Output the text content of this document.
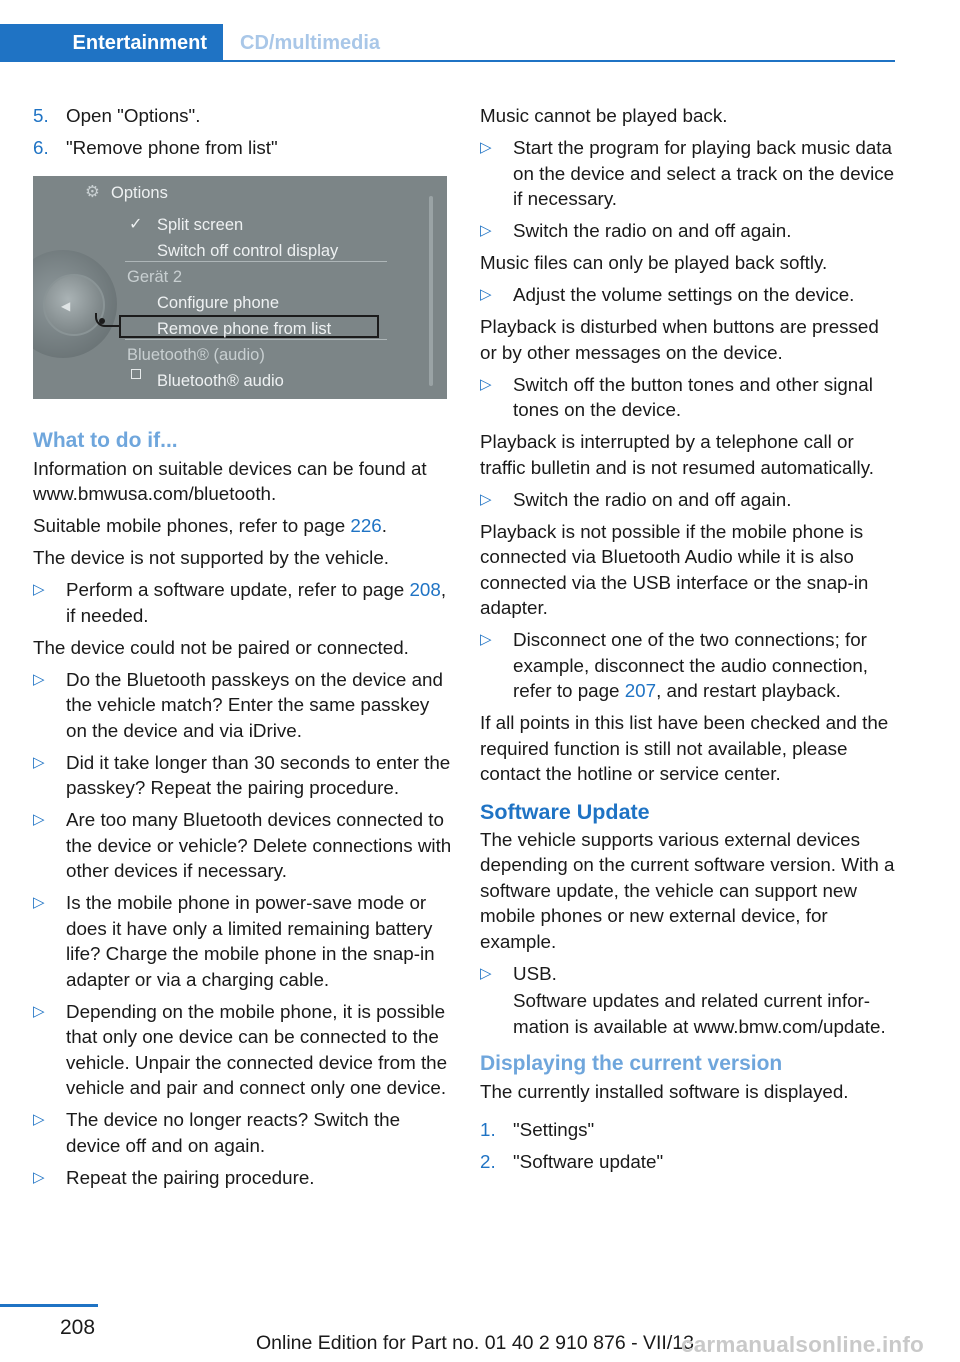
Entertainment	CD/multimedia
5. Open "Options".
6. "Remove phone from list"
◀
⚙ Options
✓ Split screen
Switch off control display
Gerät 2
Configure phone
Remove phone from list
Bluetooth® (audio)
Bluetooth® audio
What to do if...
Information on suitable devices can be found at www.bmwusa.com/bluetooth.
Suitable mobile phones, refer to page 226.
The device is not supported by the vehicle.
▷	Perform a software update, refer to page 208, if needed.
The device could not be paired or connected.
▷	Do the Bluetooth passkeys on the device and the vehicle match? Enter the same passkey on the device and via iDrive.
▷	Did it take longer than 30 seconds to enter the passkey? Repeat the pairing procedure.
▷	Are too many Bluetooth devices connected to the device or vehicle? Delete connections with other devices if necessary.
▷	Is the mobile phone in power-save mode or does it have only a limited remaining battery life? Charge the mobile phone in the snap-in adapter or via a charging cable.
▷	Depending on the mobile phone, it is possible that only one device can be connected to the vehicle. Unpair the connected device from the vehicle and pair and connect only one device.
▷	The device no longer reacts? Switch the device off and on again.
▷	Repeat the pairing procedure.
Music cannot be played back.
▷	Start the program for playing back music data on the device and select a track on the device if necessary.
▷	Switch the radio on and off again.
Music files can only be played back softly.
▷	Adjust the volume settings on the device.
Playback is disturbed when buttons are pressed or by other messages on the device.
▷	Switch off the button tones and other signal tones on the device.
Playback is interrupted by a telephone call or traffic bulletin and is not resumed automatically.
▷	Switch the radio on and off again.
Playback is not possible if the mobile phone is connected via Bluetooth Audio while it is also connected via the USB interface or the snap-in adapter.
▷	Disconnect one of the two connections; for example, disconnect the audio connection, refer to page 207, and restart playback.
If all points in this list have been checked and the required function is still not available, please contact the hotline or service center.
Software Update
The vehicle supports various external devices depending on the current software version. With a software update, the vehicle can support new mobile phones or new external device, for example.
▷	USB.
Software updates and related current information is available at www.bmw.com/update.
Displaying the current version
The currently installed software is displayed.
1. "Settings"
2. "Software update"
208
Online Edition for Part no. 01 40 2 910 876 - VII/13
carmanualsonline.info
